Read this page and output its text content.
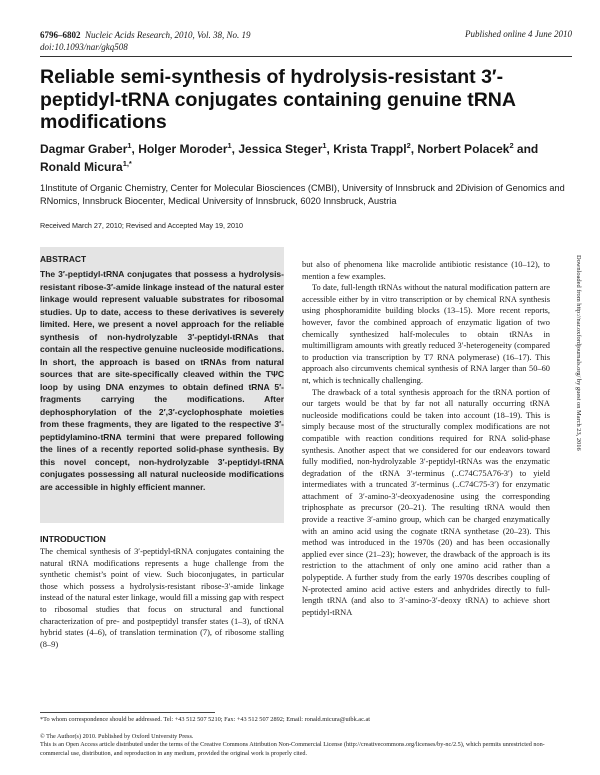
6796–6802 Nucleic Acids Research, 2010, Vol. 38, No. 19
doi:10.1093/nar/gkq508
Published online 4 June 2010
Reliable semi-synthesis of hydrolysis-resistant 3′-peptidyl-tRNA conjugates containing genuine tRNA modifications
Dagmar Graber$^1$, Holger Moroder$^1$, Jessica Steger$^1$, Krista Trappl$^2$, Norbert Polacek$^2$ and Ronald Micura$^{1,*}$
1Institute of Organic Chemistry, Center for Molecular Biosciences (CMBI), University of Innsbruck and 2Division of Genomics and RNomics, Innsbruck Biocenter, Medical University of Innsbruck, 6020 Innsbruck, Austria
Received March 27, 2010; Revised and Accepted May 19, 2010
ABSTRACT
The 3′-peptidyl-tRNA conjugates that possess a hydrolysis-resistant ribose-3′-amide linkage instead of the natural ester linkage would represent valuable substrates for ribosomal studies. Up to date, access to these derivatives is severely limited. Here, we present a novel approach for the reliable synthesis of non-hydrolyzable 3′-peptidyl-tRNAs that contain all the respective genuine nucleoside modifications. In short, the approach is based on tRNAs from natural sources that are site-specifically cleaved within the TΨC loop by using DNA enzymes to obtain defined tRNA 5′-fragments carrying the modifications. After dephosphorylation of the 2′,3′-cyclophosphate moieties from these fragments, they are ligated to the respective 3′-peptidylamino-tRNA termini that were prepared following the lines of a recently reported solid-phase synthesis. By this novel concept, non-hydrolyzable 3′-peptidyl-tRNA conjugates possessing all natural nucleoside modifications are accessible in highly efficient manner.
INTRODUCTION
The chemical synthesis of 3′-peptidyl-tRNA conjugates containing the natural tRNA modifications represents a huge challenge from the synthetic chemist’s point of view. Such bioconjugates, in particular those which possess a hydrolysis-resistant ribose-3′-amide linkage instead of the natural ester linkage, would fill a missing gap with respect to ribosomal studies that focus on structural and functional characterization of pre- and postpeptidyl transfer states (1–3), of tRNA hybrid states (4–6), of translation termination (7), of ribosome stalling (8–9)

but also of phenomena like macrolide antibiotic resistance (10–12), to mention a few examples.

To date, full-length tRNAs without the natural modification pattern are accessible either by in vitro transcription or by chemical RNA synthesis using phosphoramidite building blocks (13–15). More recent reports, however, favor the combined approach of enzymatic ligation of two chemically synthesized half-molecules to obtain tRNAs in multimilligram amounts with greatly reduced 3′-heterogeneity (compared to production via transcription by T7 RNA polymerase) (16–17). This approach also circumvents chemical synthesis of RNA larger than 50–60 nt, which is technically challenging.

The drawback of a total synthesis approach for the tRNA portion of our targets would be that by far not all naturally occurring tRNA nucleoside modifications could be taken into account (18–19). This is simply because most of the structurally complex modifications are not compatible with reaction conditions required for RNA solid-phase synthesis. Another aspect that we considered for our endeavors toward fully modified, non-hydrolyzable 3′-peptidyl-tRNAs was the enzymatic degradation of the tRNA 3′-terminus (..C74C75A76-3′) to yield intermediates with a truncated 3′-terminus (..C74C75-3′) for enzymatic attachment of 3′-amino-3′-deoxyadenosine using the corresponding triphosphate as precursor (20–21). The resulting tRNA would then provide a reactive 3′-amino group, which can be charged enzymatically with an amino acid using the cognate tRNA synthetase (20–23). This method was introduced in the 1970s (20) and has been occasionally applied ever since (21–23); however, the drawback of the approach is its restriction to the attachment of only one amino acid rather than a polypeptide. A further study from the early 1970s describes coupling of N-protected amino acid active esters and anhydrides directly to full-length tRNA (and also to 3′-amino-3′-deoxy tRNA) to achieve short peptidyl-tRNA

Downloaded from http://nar.oxfordjournals.org/ by guest on March 23, 2016
*To whom correspondence should be addressed. Tel: +43 512 507 5210; Fax: +43 512 507 2892; Email: ronald.micura@uibk.ac.at
© The Author(s) 2010. Published by Oxford University Press.
This is an Open Access article distributed under the terms of the Creative Commons Attribution Non-Commercial License (http://creativecommons.org/licenses/by-nc/2.5), which permits unrestricted non-commercial use, distribution, and reproduction in any medium, provided the original work is properly cited.
